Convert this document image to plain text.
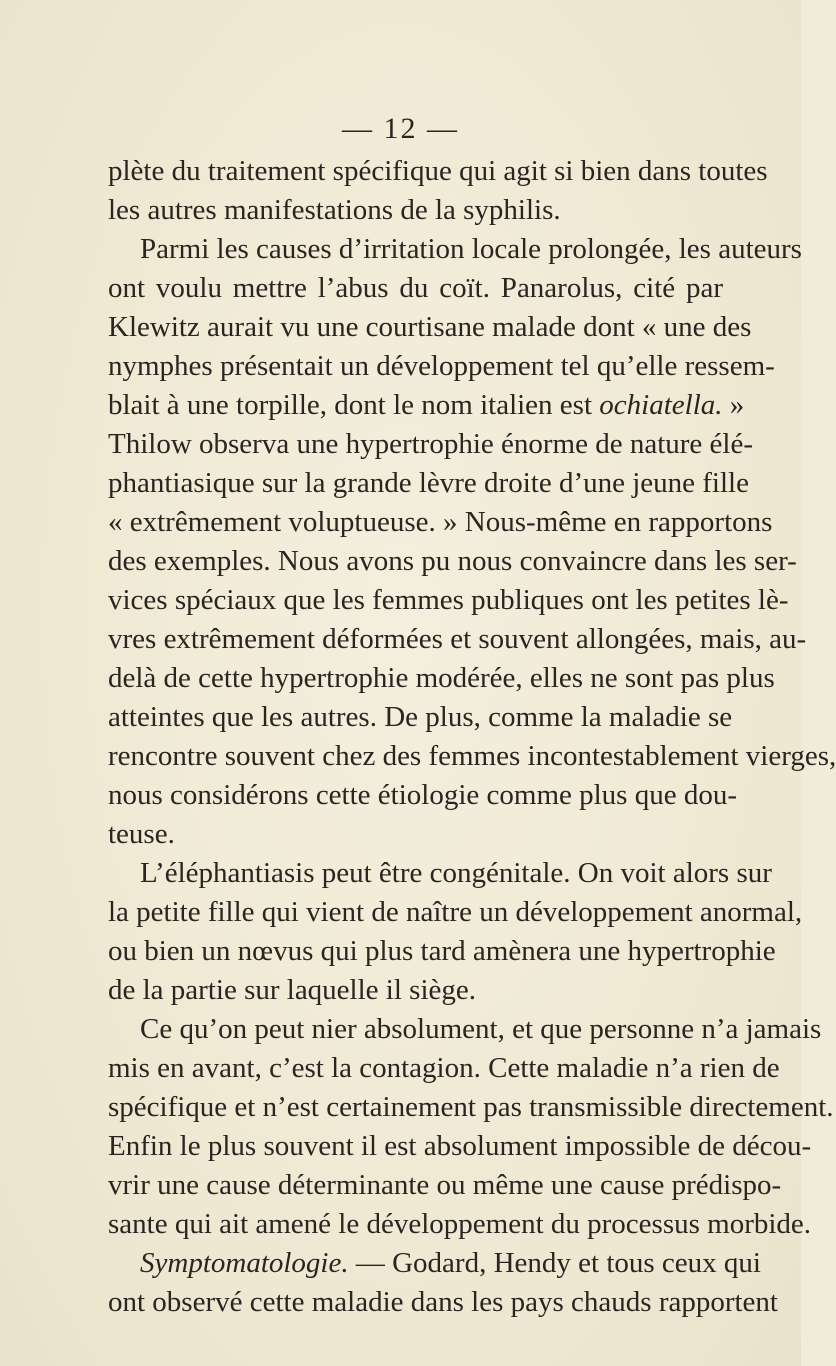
— 12 —
plète du traitement spécifique qui agit si bien dans toutes
les autres manifestations de la syphilis.
Parmi les causes d’irritation locale prolongée, les auteurs
ont voulu mettre l’abus du coït. Panarolus, cité par
Klewitz aurait vu une courtisane malade dont « une des
nymphes présentait un développement tel qu’elle ressem-
blait à une torpille, dont le nom italien est ochiatella. »
Thilow observa une hypertrophie énorme de nature élé-
phantiasique sur la grande lèvre droite d’une jeune fille
« extrêmement voluptueuse. » Nous-même en rapportons
des exemples. Nous avons pu nous convaincre dans les ser-
vices spéciaux que les femmes publiques ont les petites lè-
vres extrêmement déformées et souvent allongées, mais, au-
delà de cette hypertrophie modérée, elles ne sont pas plus
atteintes que les autres. De plus, comme la maladie se
rencontre souvent chez des femmes incontestablement vierges,
nous considérons cette étiologie comme plus que dou-
teuse.
L’éléphantiasis peut être congénitale. On voit alors sur
la petite fille qui vient de naître un développement anormal,
ou bien un nœvus qui plus tard amènera une hypertrophie
de la partie sur laquelle il siège.
Ce qu’on peut nier absolument, et que personne n’a jamais
mis en avant, c’est la contagion. Cette maladie n’a rien de
spécifique et n’est certainement pas transmissible directement.
Enfin le plus souvent il est absolument impossible de décou-
vrir une cause déterminante ou même une cause prédispo-
sante qui ait amené le développement du processus morbide.
Symptomatologie. — Godard, Hendy et tous ceux qui
ont observé cette maladie dans les pays chauds rapportent
